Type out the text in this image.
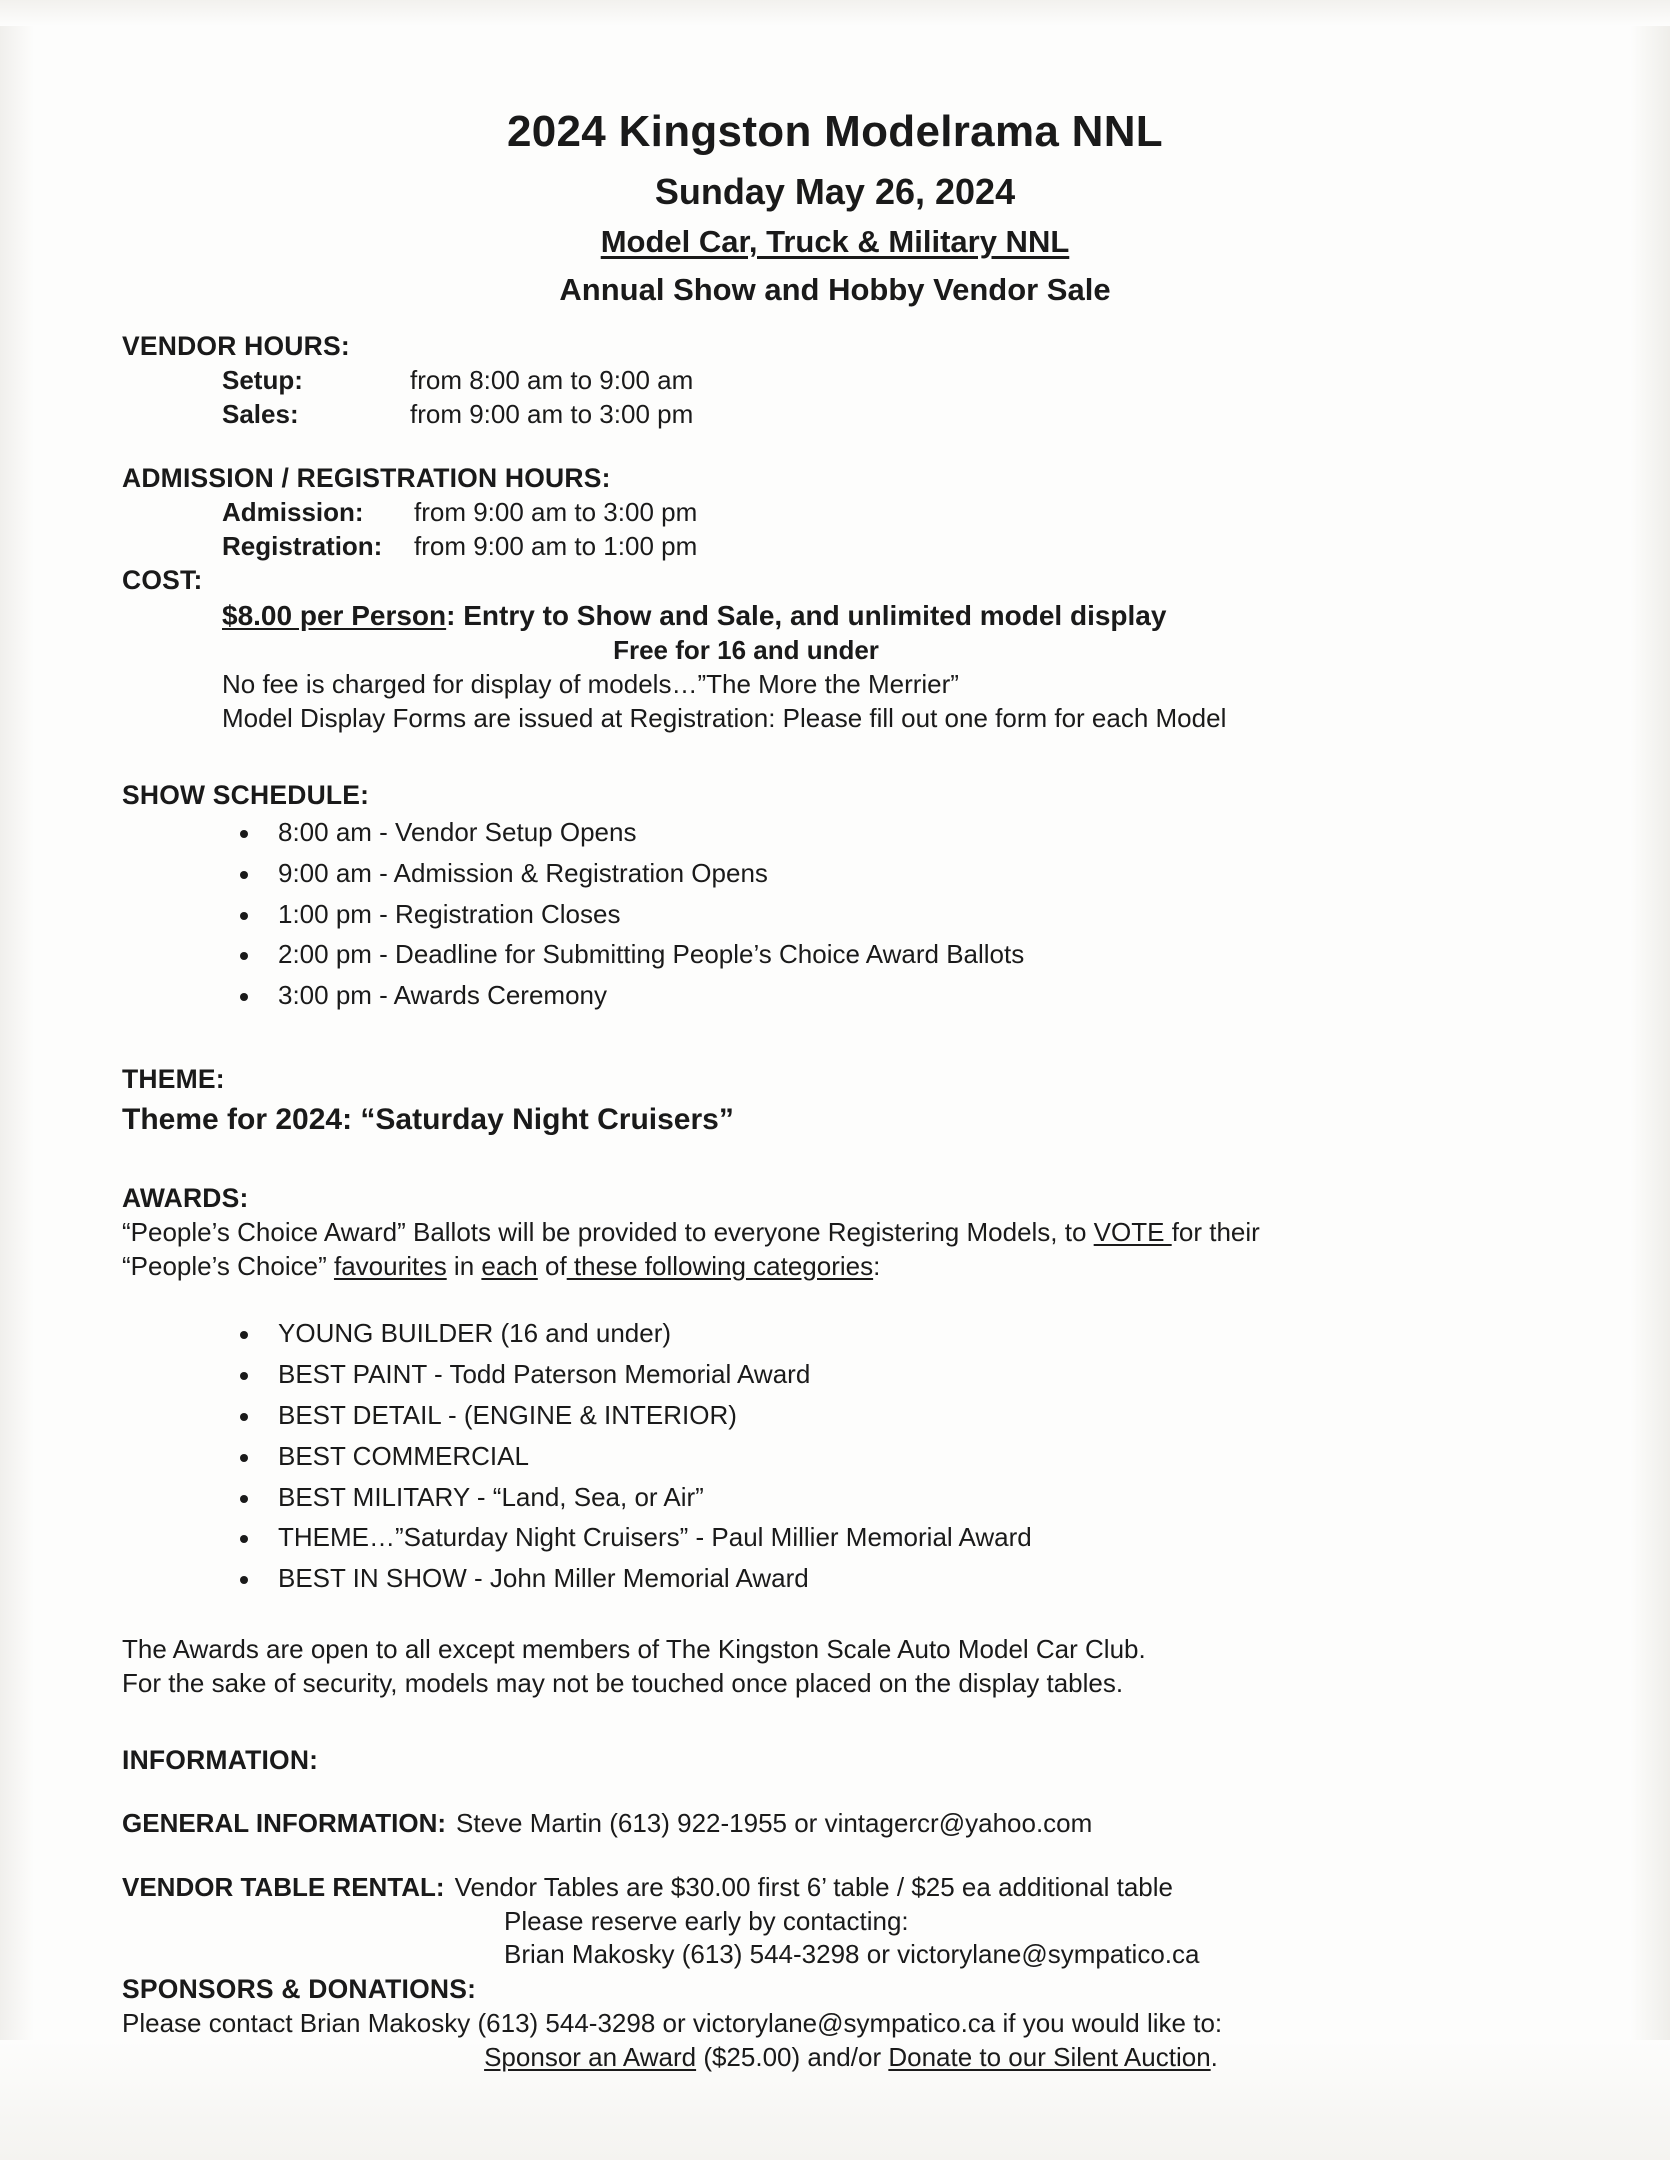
2024 Kingston Modelrama NNL
Sunday May 26, 2024
Model Car, Truck & Military NNL
Annual Show and Hobby Vendor Sale
VENDOR HOURS:
Setup:	from 8:00 am to 9:00 am
Sales:	from 9:00 am to 3:00 pm
ADMISSION / REGISTRATION HOURS:
Admission:	from 9:00 am to 3:00 pm
Registration:	from 9:00 am to 1:00 pm
COST:
$8.00 per Person: Entry to Show and Sale, and unlimited model display
Free for 16 and under
No fee is charged for display of models…”The More the Merrier”
Model Display Forms are issued at Registration: Please fill out one form for each Model
SHOW SCHEDULE:
8:00 am - Vendor Setup Opens
9:00 am - Admission & Registration Opens
1:00 pm - Registration Closes
2:00 pm - Deadline for Submitting People’s Choice Award Ballots
3:00 pm - Awards Ceremony
THEME:
Theme for 2024: “Saturday Night Cruisers”
AWARDS:
“People’s Choice Award” Ballots will be provided to everyone Registering Models, to VOTE for their
“People’s Choice” favourites in each of these following categories:
YOUNG BUILDER (16 and under)
BEST PAINT - Todd Paterson Memorial Award
BEST DETAIL - (ENGINE & INTERIOR)
BEST COMMERCIAL
BEST MILITARY - “Land, Sea, or Air”
THEME…”Saturday Night Cruisers” - Paul Millier Memorial Award
BEST IN SHOW - John Miller Memorial Award
The Awards are open to all except members of The Kingston Scale Auto Model Car Club.
For the sake of security, models may not be touched once placed on the display tables.
INFORMATION:
GENERAL INFORMATION: Steve Martin (613) 922-1955 or vintagercr@yahoo.com
VENDOR TABLE RENTAL: Vendor Tables are $30.00 first 6’ table / $25 ea additional table
Please reserve early by contacting:
Brian Makosky (613) 544-3298 or victorylane@sympatico.ca
SPONSORS & DONATIONS:
Please contact Brian Makosky (613) 544-3298 or victorylane@sympatico.ca if you would like to:
Sponsor an Award ($25.00) and/or Donate to our Silent Auction.
